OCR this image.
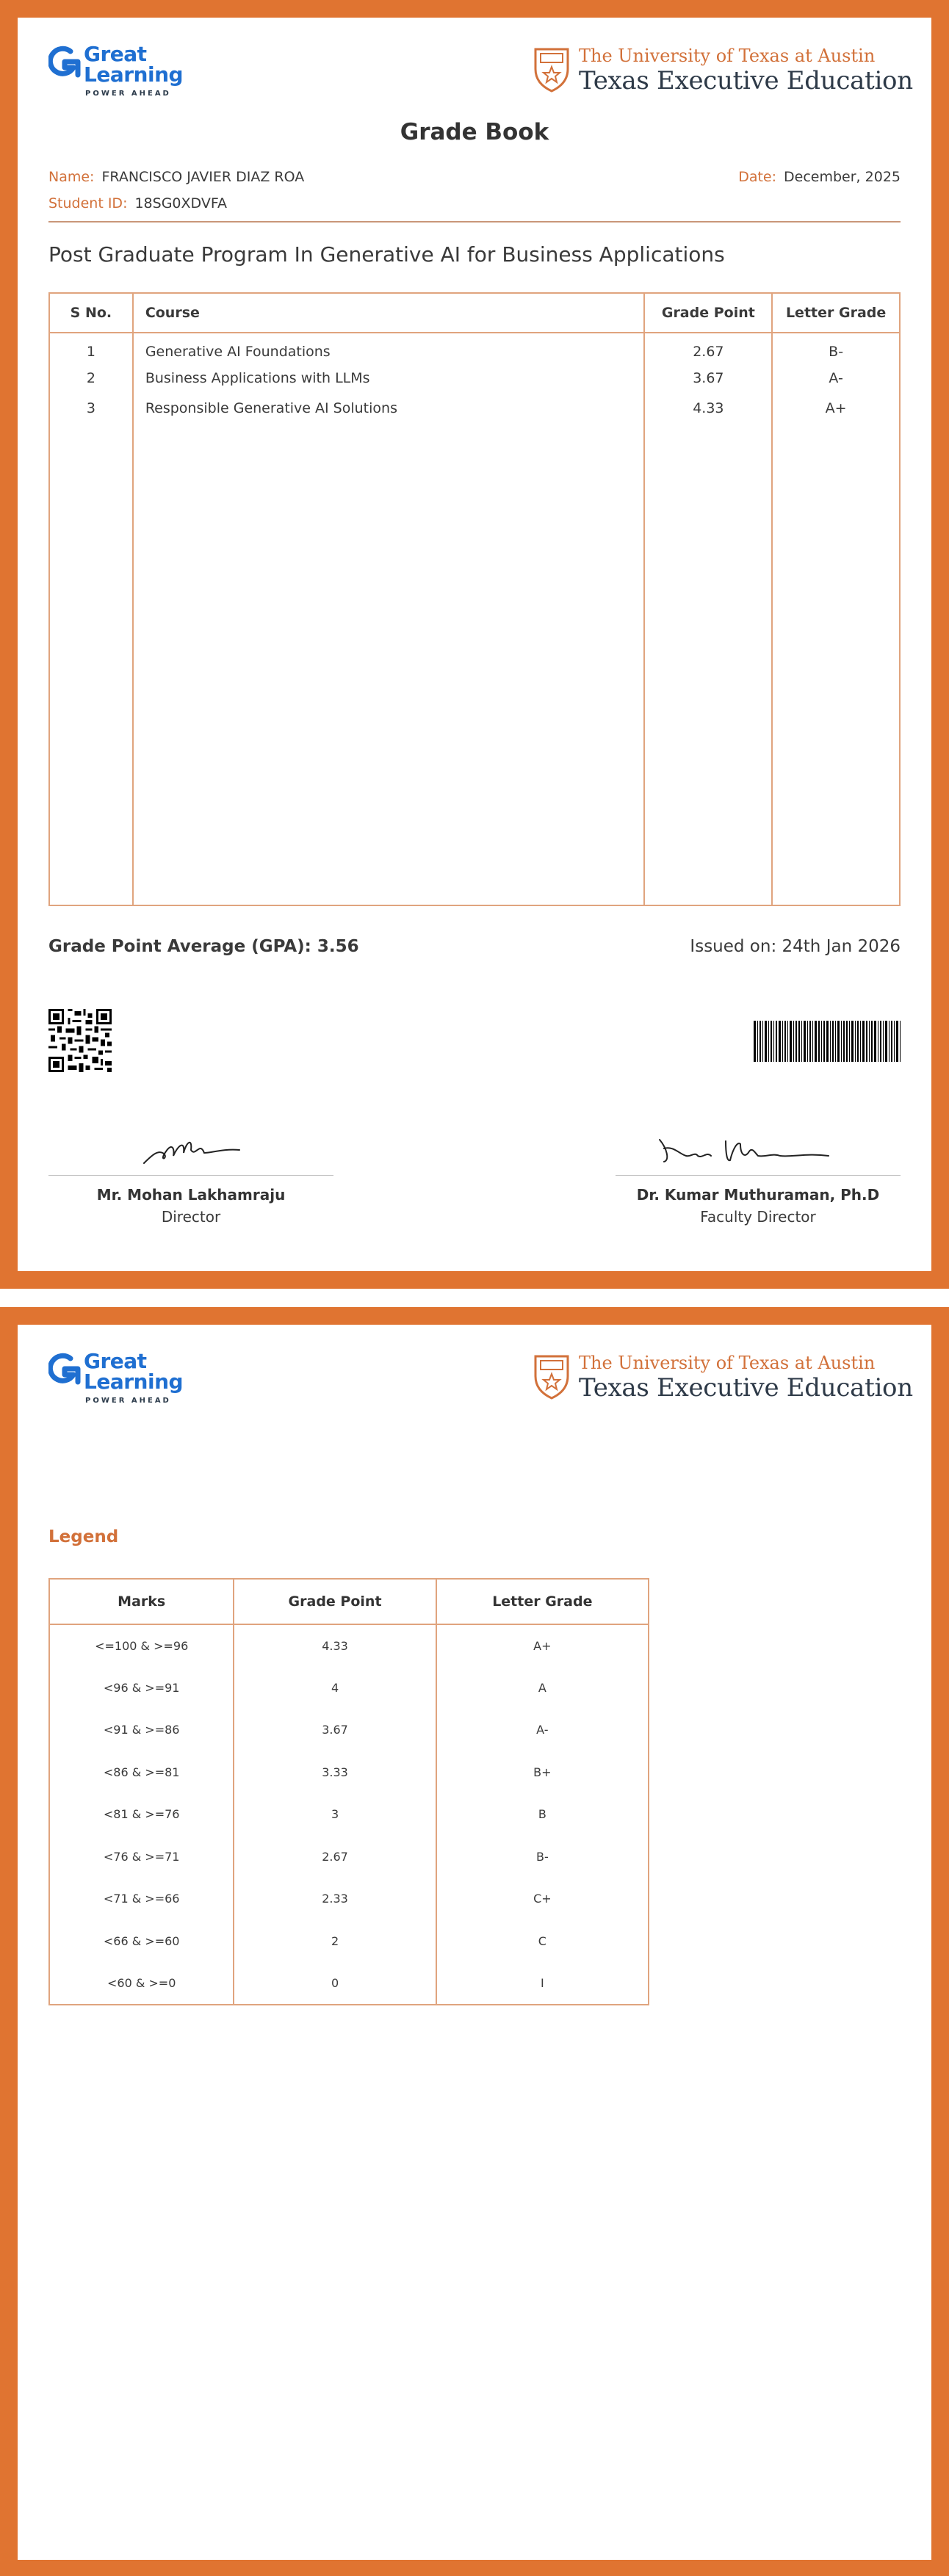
Great
Learning
POWER AHEAD
The University of Texas at Austin
Texas Executive Education
Grade Book
Name: FRANCISCO JAVIER DIAZ ROA
Student ID: 18SG0XDVFA
Date: December, 2025
Post Graduate Program In Generative AI for Business Applications
S No.	Course	Grade Point	Letter Grade
1	Generative AI Foundations	2.67	B-
2	Business Applications with LLMs	3.67	A-
3	Responsible Generative AI Solutions	4.33	A+

Grade Point Average (GPA): 3.56	Issued on: 24th Jan 2026
Mr. Mohan Lakhamraju
Director
Dr. Kumar Muthuraman, Ph.D
Faculty Director
Great
Learning
POWER AHEAD
The University of Texas at Austin
Texas Executive Education
Legend
Marks	Grade Point	Letter Grade
<=100 & >=96	4.33	A+
<96 & >=91	4	A
<91 & >=86	3.67	A-
<86 & >=81	3.33	B+
<81 & >=76	3	B
<76 & >=71	2.67	B-
<71 & >=66	2.33	C+
<66 & >=60	2	C
<60 & >=0	0	I
